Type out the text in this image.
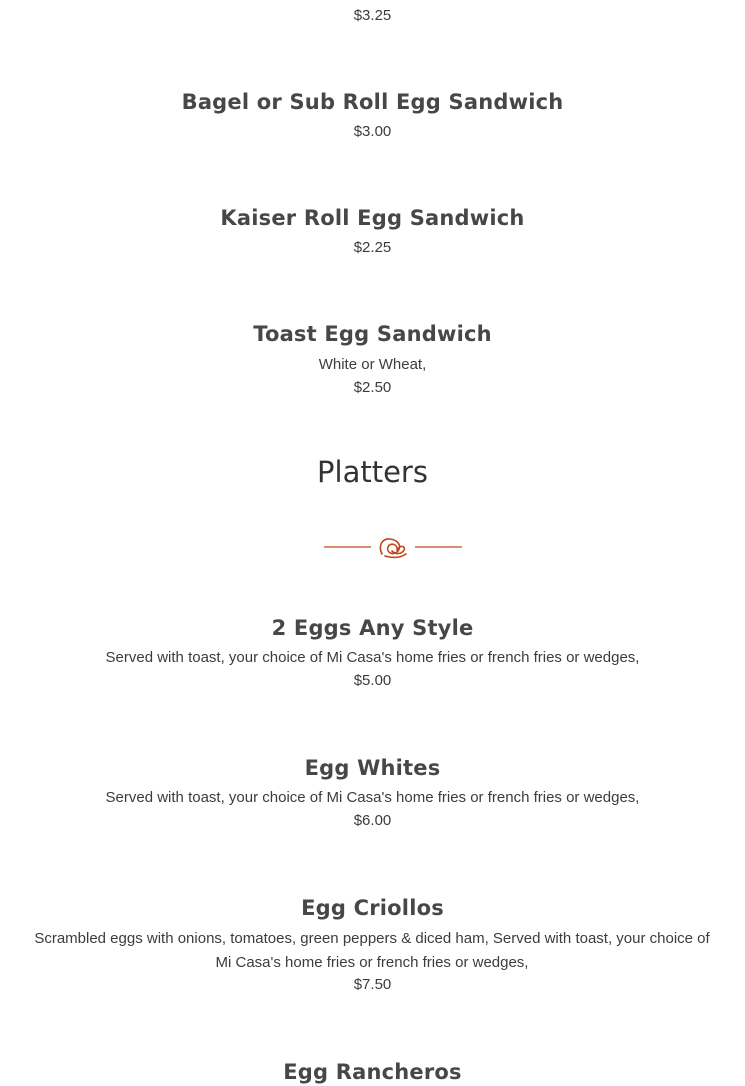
$3.25
Bagel or Sub Roll Egg Sandwich
$3.00
Kaiser Roll Egg Sandwich
$2.25
Toast Egg Sandwich
White or Wheat,
$2.50
Platters
2 Eggs Any Style
Served with toast, your choice of Mi Casa's home fries or french fries or wedges,
$5.00
Egg Whites
Served with toast, your choice of Mi Casa's home fries or french fries or wedges,
$6.00
Egg Criollos
Scrambled eggs with onions, tomatoes, green peppers & diced ham, Served with toast, your choice of Mi Casa's home fries or french fries or wedges,
$7.50
Egg Rancheros
